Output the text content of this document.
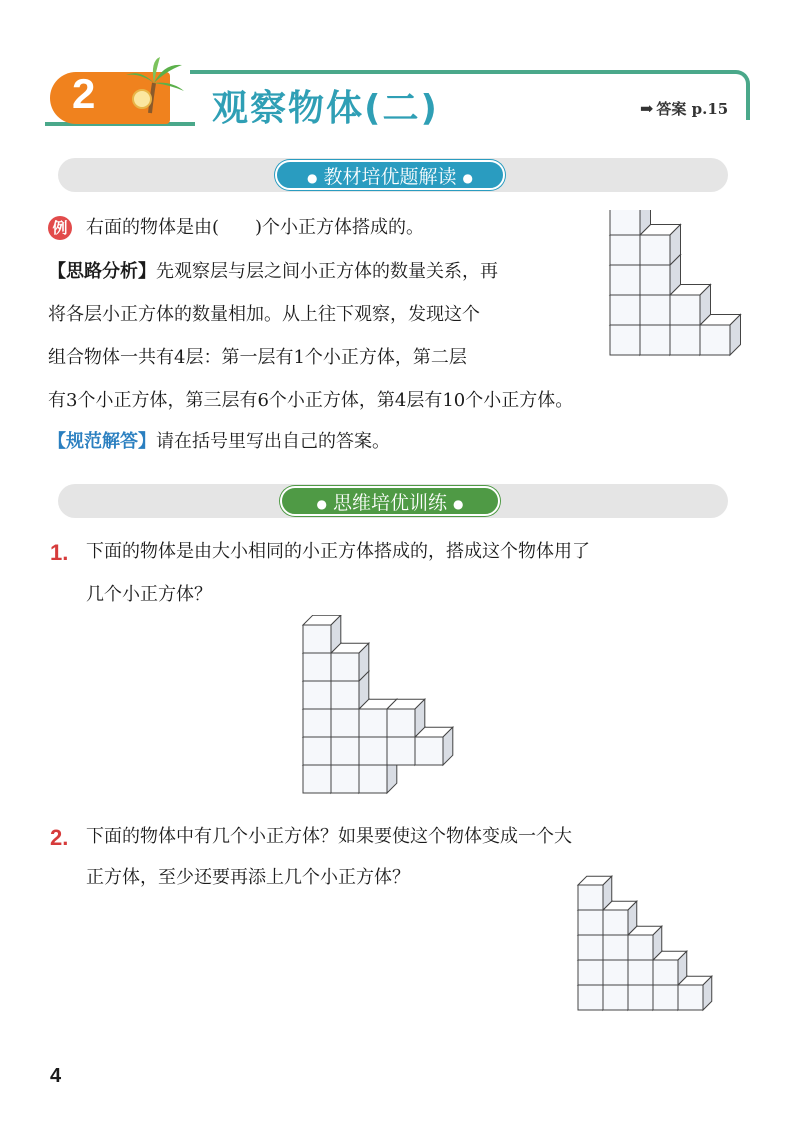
2	观察物体(二)	➡ 答案 p.15
● 教材培优题解读 ●
例 右面的物体是由(　　)个小正方体搭成的。
【思路分析】先观察层与层之间小正方体的数量关系，再
将各层小正方体的数量相加。从上往下观察，发现这个
组合物体一共有4层：第一层有1个小正方体，第二层
有3个小正方体，第三层有6个小正方体，第4层有10个小正方体。
【规范解答】请在括号里写出自己的答案。
● 思维培优训练 ●
1. 下面的物体是由大小相同的小正方体搭成的，搭成这个物体用了
几个小正方体？
2. 下面的物体中有几个小正方体？如果要使这个物体变成一个大
正方体，至少还要再添上几个小正方体？
4
